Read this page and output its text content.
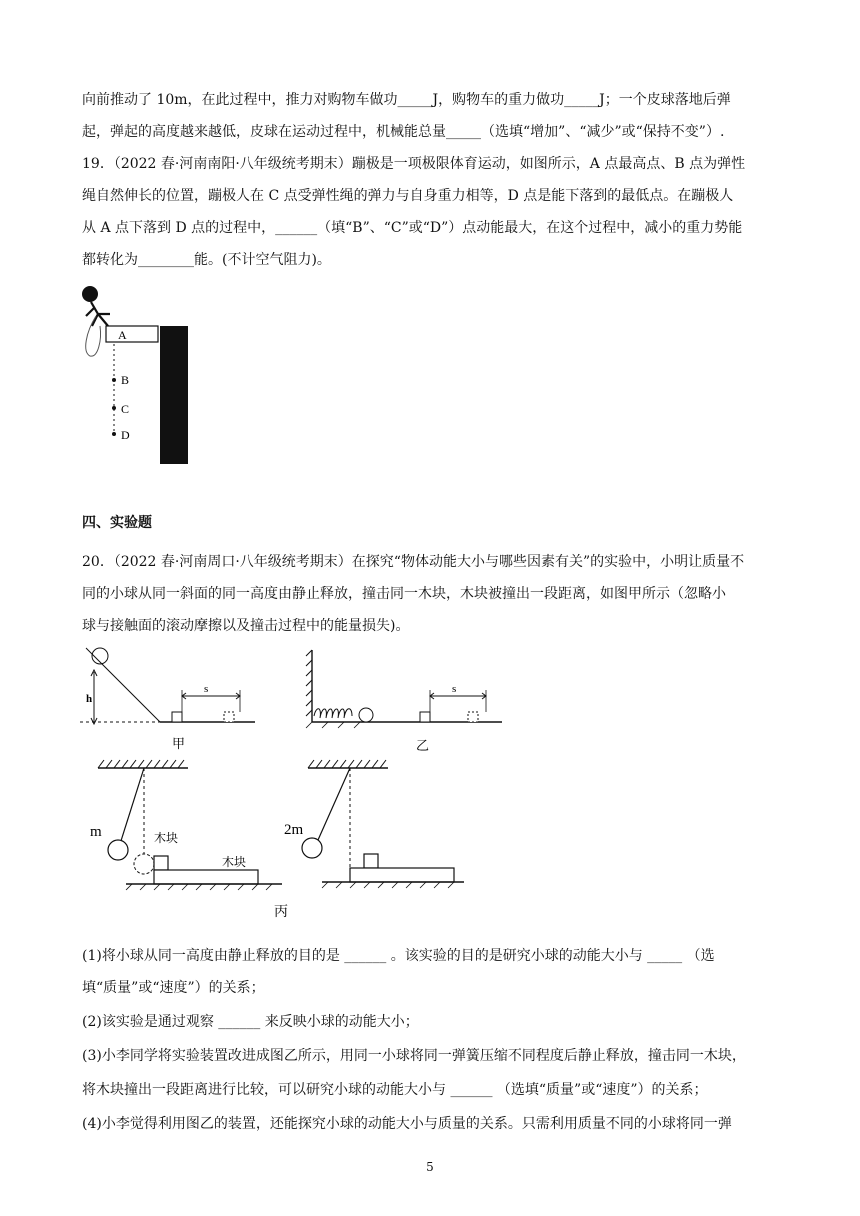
向前推动了 10m，在此过程中，推力对购物车做功_____J，购物车的重力做功_____J；一个皮球落地后弹

起，弹起的高度越来越低，皮球在运动过程中，机械能总量_____（选填“增加”、“减少”或“保持不变”）.

19．（2022 春·河南南阳·八年级统考期末）蹦极是一项极限体育运动，如图所示，A 点最高点、B 点为弹性

绳自然伸长的位置，蹦极人在 C 点受弹性绳的弹力与自身重力相等，D 点是能下落到的最低点。在蹦极人

从 A 点下落到 D 点的过程中，______（填“B”、“C”或“D”）点动能最大，在这个过程中，减小的重力势能

都转化为________能。(不计空气阻力)。

A
B
C
D
四、实验题

20．（2022 春·河南周口·八年级统考期末）在探究“物体动能大小与哪些因素有关”的实验中，小明让质量不

同的小球从同一斜面的同一高度由静止释放，撞击同一木块，木块被撞出一段距离，如图甲所示（忽略小

球与接触面的滚动摩擦以及撞击过程中的能量损失)。

h
s
甲
s
乙
m	木块
木块
2m
丙

(1)将小球从同一高度由静止释放的目的是 ______ 。该实验的目的是研究小球的动能大小与 _____ （选

填“质量”或“速度”）的关系；

(2)该实验是通过观察 ______ 来反映小球的动能大小；

(3)小李同学将实验装置改进成图乙所示，用同一小球将同一弹簧压缩不同程度后静止释放，撞击同一木块，

将木块撞出一段距离进行比较，可以研究小球的动能大小与 ______ （选填“质量”或“速度”）的关系；

(4)小李觉得利用图乙的装置，还能探究小球的动能大小与质量的关系。只需利用质量不同的小球将同一弹

5
